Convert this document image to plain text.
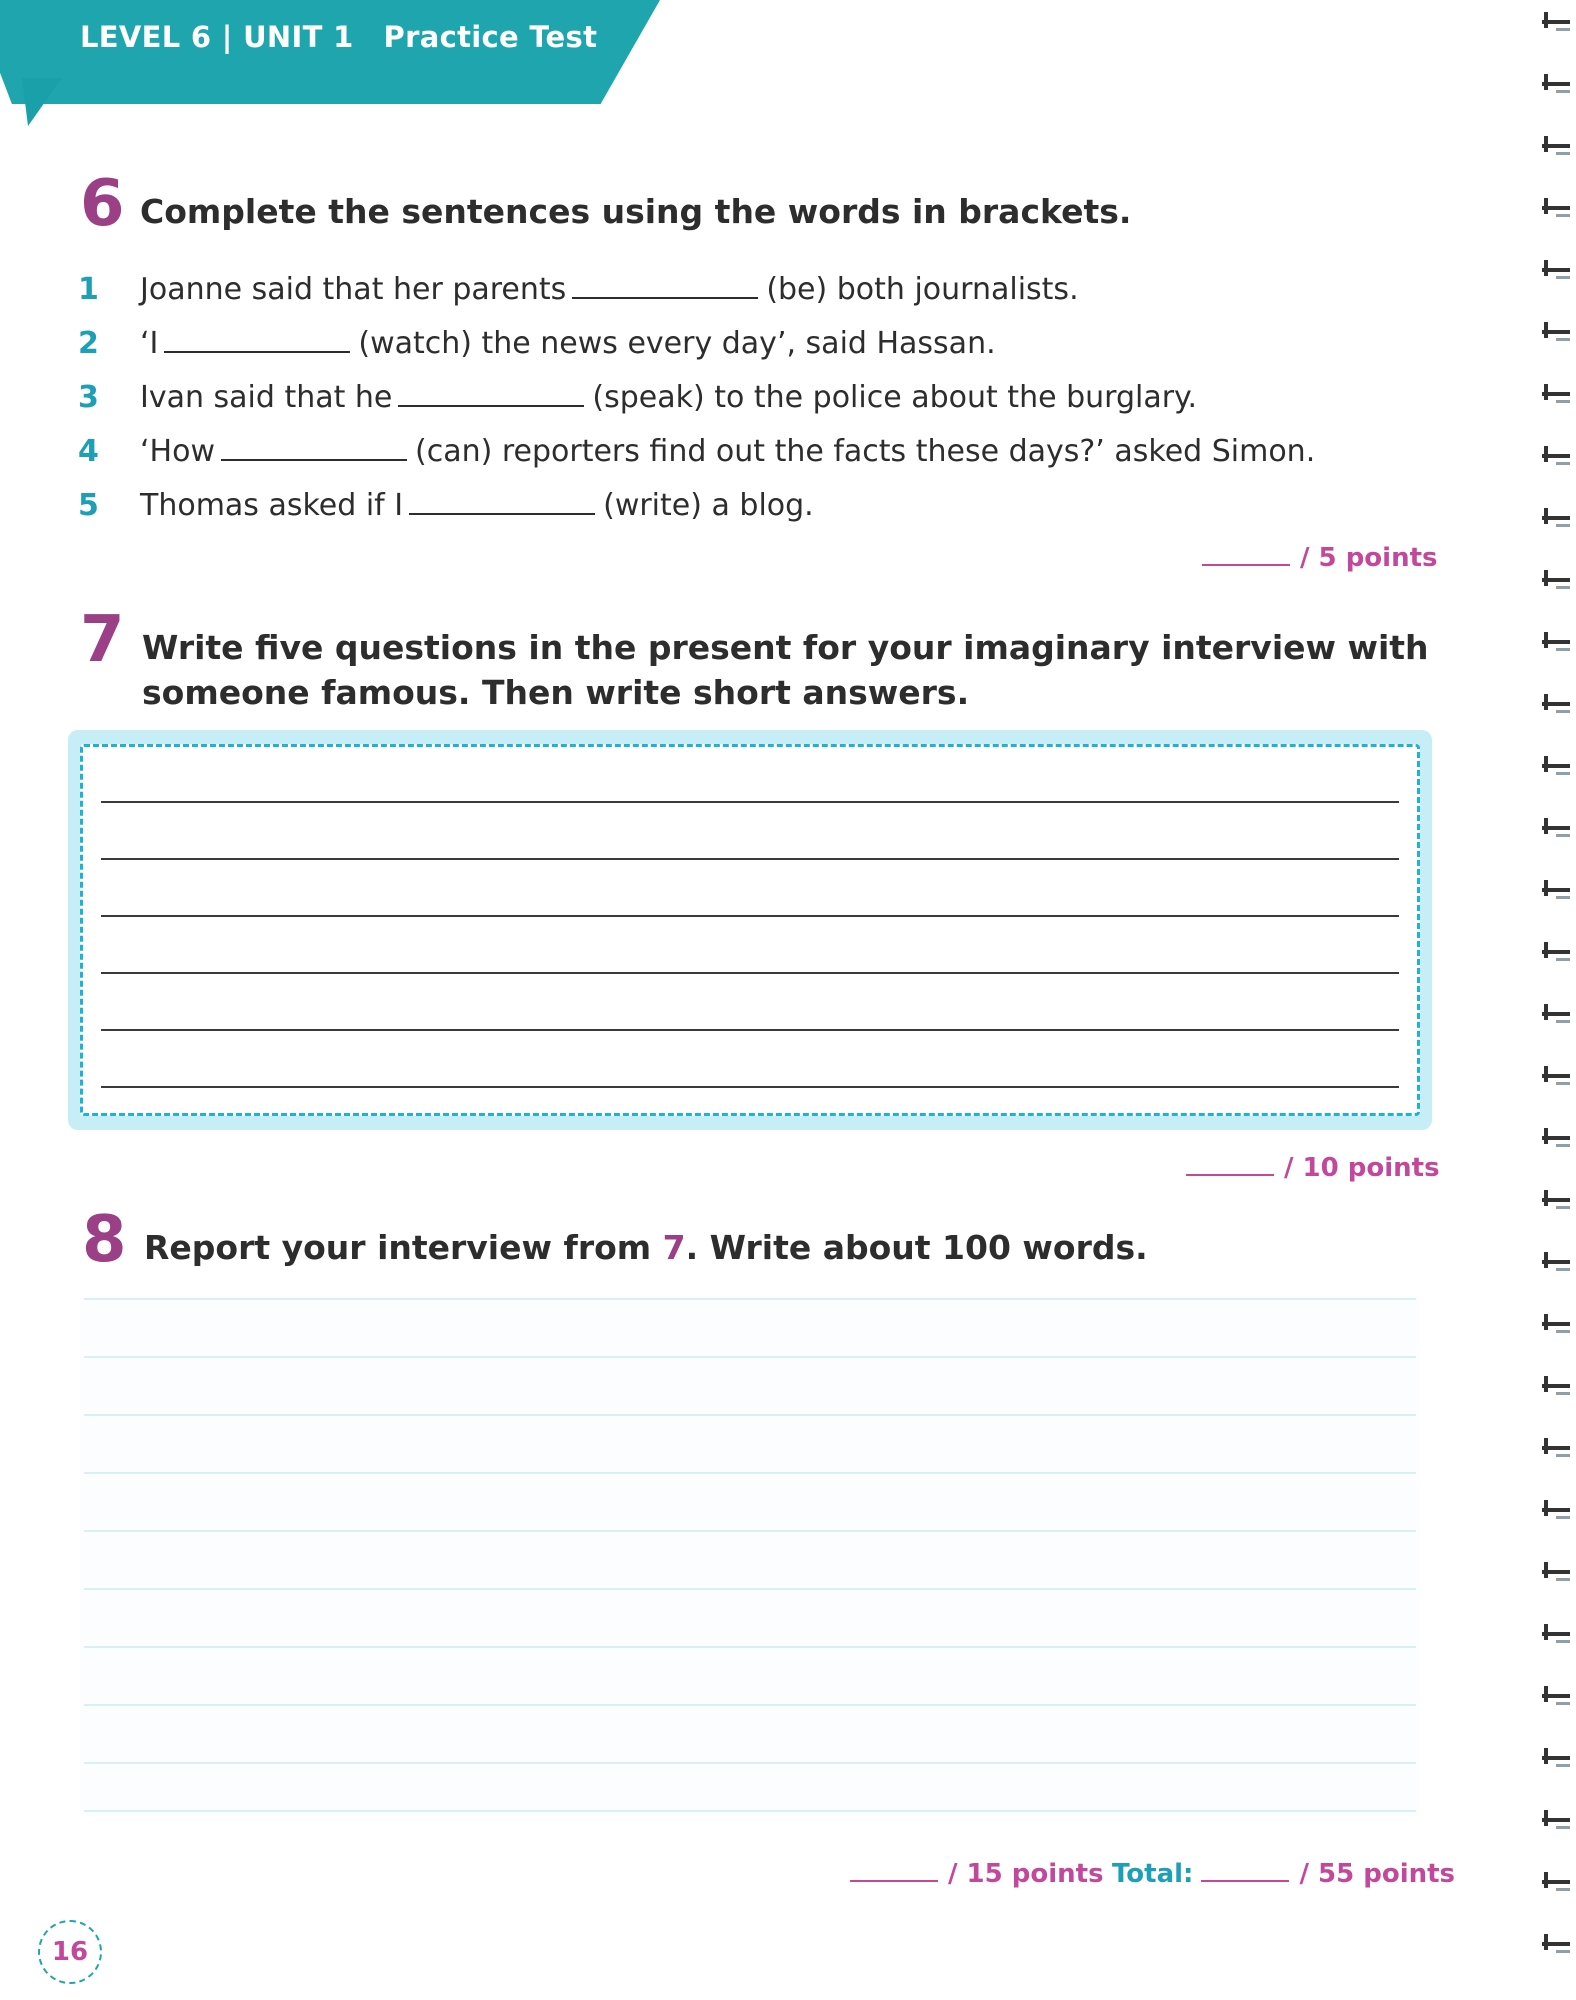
LEVEL 6 | UNIT 1 Practice Test
6 Complete the sentences using the words in brackets.
1	Joanne said that her parents	(be) both journalists.
2	‘I	(watch) the news every day’, said Hassan.
3	Ivan said that he	(speak) to the police about the burglary.
4	‘How	(can) reporters find out the facts these days?’ asked Simon.
5	Thomas asked if I	(write) a blog.
/ 5 points
7 Write five questions in the present for your imaginary interview with
someone famous. Then write short answers.
/ 10 points
8 Report your interview from 7. Write about 100 words.
/ 15 points Total:	/ 55 points
16
